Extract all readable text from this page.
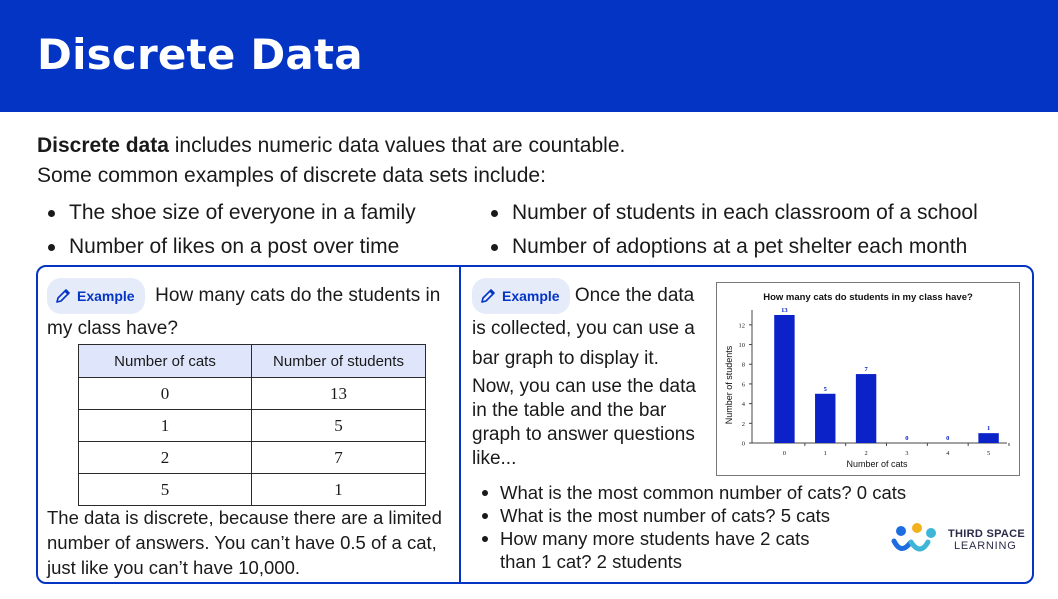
Discrete Data
Discrete data includes numeric data values that are countable.
Some common examples of discrete data sets include:
The shoe size of everyone in a family
Number of likes on a post over time
Number of students in each classroom of a school
Number of adoptions at a pet shelter each month
Example How many cats do the students in my class have?
Number of cats	Number of students
0	13
1	5
2	7
5	1
The data is discrete, because there are a limited number of answers. You can’t have 0.5 of a cat, just like you can’t have 10,000.
Example Once the data is collected, you can use a bar graph to display it.
Now, you can use the data in the table and the bar graph to answer questions like...
How many cats do students in my class have?
Number of cats
Number of students
0
2
4
6
8
10
12
13
0
5
1
7
2
0
3
0
4
1
5
What is the most common number of cats? 0 cats
What is the most number of cats? 5 cats
How many more students have 2 cats than 1 cat? 2 students
THIRD SPACE
LEARNING
